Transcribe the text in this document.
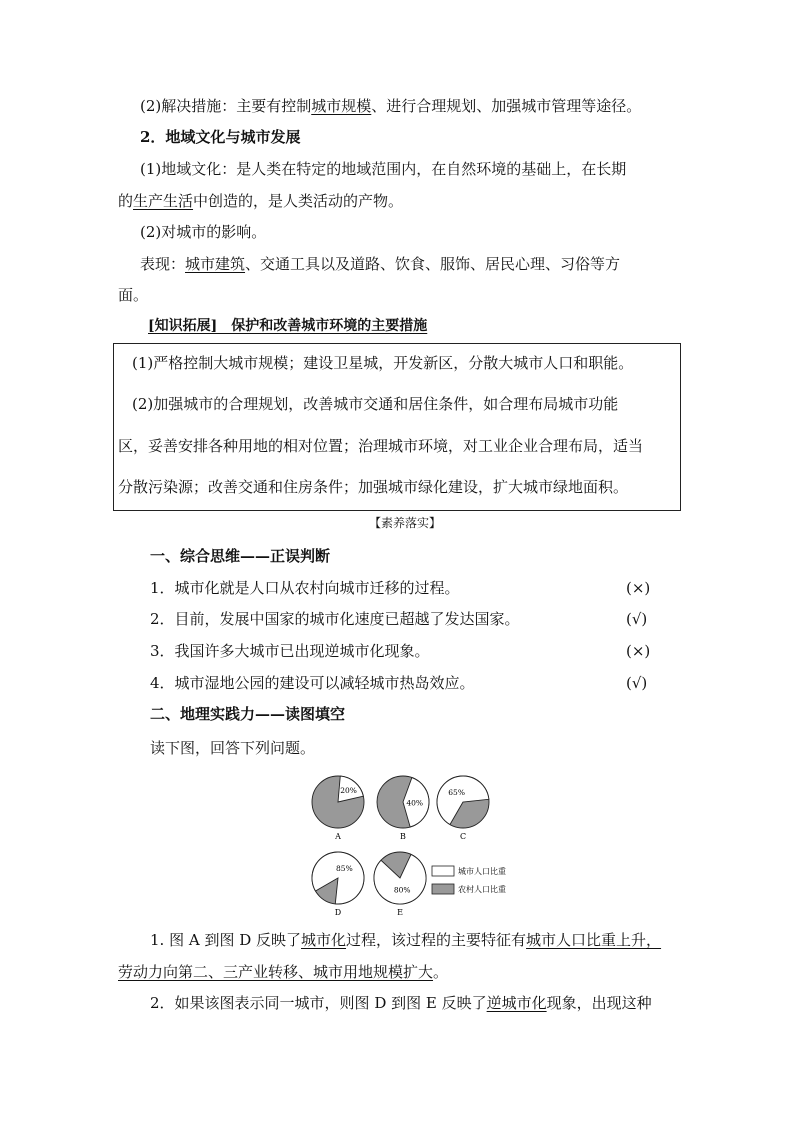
(2)解决措施：主要有控制城市规模、进行合理规划、加强城市管理等途径。
2．地域文化与城市发展
(1)地域文化：是人类在特定的地域范围内，在自然环境的基础上，在长期
的生产生活中创造的，是人类活动的产物。
(2)对城市的影响。
表现：城市建筑、交通工具以及道路、饮食、服饰、居民心理、习俗等方
面。
[知识拓展]　保护和改善城市环境的主要措施
(1)严格控制大城市规模；建设卫星城，开发新区，分散大城市人口和职能。
(2)加强城市的合理规划，改善城市交通和居住条件，如合理布局城市功能
区，妥善安排各种用地的相对位置；治理城市环境，对工业企业合理布局，适当
分散污染源；改善交通和住房条件；加强城市绿化建设，扩大城市绿地面积。
【素养落实】
一、综合思维——正误判断
1．城市化就是人口从农村向城市迁移的过程。	(×)
2．目前，发展中国家的城市化速度已超越了发达国家。	(√)
3．我国许多大城市已出现逆城市化现象。	(×)
4．城市湿地公园的建设可以减轻城市热岛效应。	(√)
二、地理实践力——读图填空
读下图，回答下列问题。
80%
E
85%
D
65%
C
40%
B
20%
A
城市人口比重
农村人口比重
1. 图 A 到图 D 反映了城市化过程，该过程的主要特征有城市人口比重上升，
劳动力向第二、三产业转移、城市用地规模扩大。
2．如果该图表示同一城市，则图 D 到图 E 反映了逆城市化现象，出现这种
